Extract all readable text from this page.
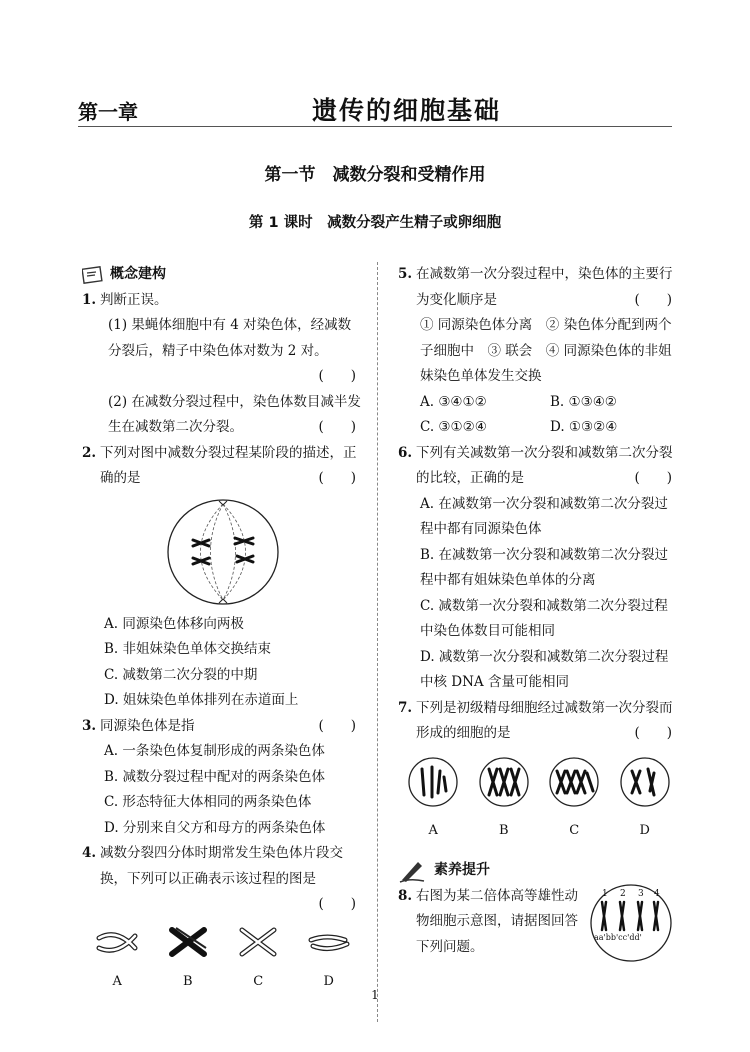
第一章	遗传的细胞基础
第一节　减数分裂和受精作用
第 1 课时　减数分裂产生精子或卵细胞
概念建构
1. 判断正误。
(1) 果蝇体细胞中有 4 对染色体，经减数分裂后，精子中染色体对数为 2 对。
(　　)
(2) 在减数分裂过程中，染色体数目减半发生在减数第二次分裂。	(　　)
2. 下列对图中减数分裂过程某阶段的描述，正确的是	(　　)
A. 同源染色体移向两极
B. 非姐妹染色单体交换结束
C. 减数第二次分裂的中期
D. 姐妹染色单体排列在赤道面上
3. 同源染色体是指	(　　)
A. 一条染色体复制形成的两条染色体
B. 减数分裂过程中配对的两条染色体
C. 形态特征大体相同的两条染色体
D. 分别来自父方和母方的两条染色体
4. 减数分裂四分体时期常发生染色体片段交换，下列可以正确表示该过程的图是
(　　)
A	B	C	D
5. 在减数第一次分裂过程中，染色体的主要行为变化顺序是	(　　)
① 同源染色体分离　② 染色体分配到两个子细胞中　③ 联会　④ 同源染色体的非姐妹染色单体发生交换
A. ③④①②	B. ①③④②
C. ③①②④	D. ①③②④
6. 下列有关减数第一次分裂和减数第二次分裂的比较，正确的是	(　　)
A. 在减数第一次分裂和减数第二次分裂过程中都有同源染色体
B. 在减数第一次分裂和减数第二次分裂过程中都有姐妹染色单体的分离
C. 减数第一次分裂和减数第二次分裂过程中染色体数目可能相同
D. 减数第一次分裂和减数第二次分裂过程中核 DNA 含量可能相同
7. 下列是初级精母细胞经过减数第一次分裂而形成的细胞的是	(　　)
A	B	C	D
素养提升
8. 右图为某二倍体高等雄性动物细胞示意图，请据图回答下列问题。
1 2 3 4
aa'bb'cc'dd'
1
